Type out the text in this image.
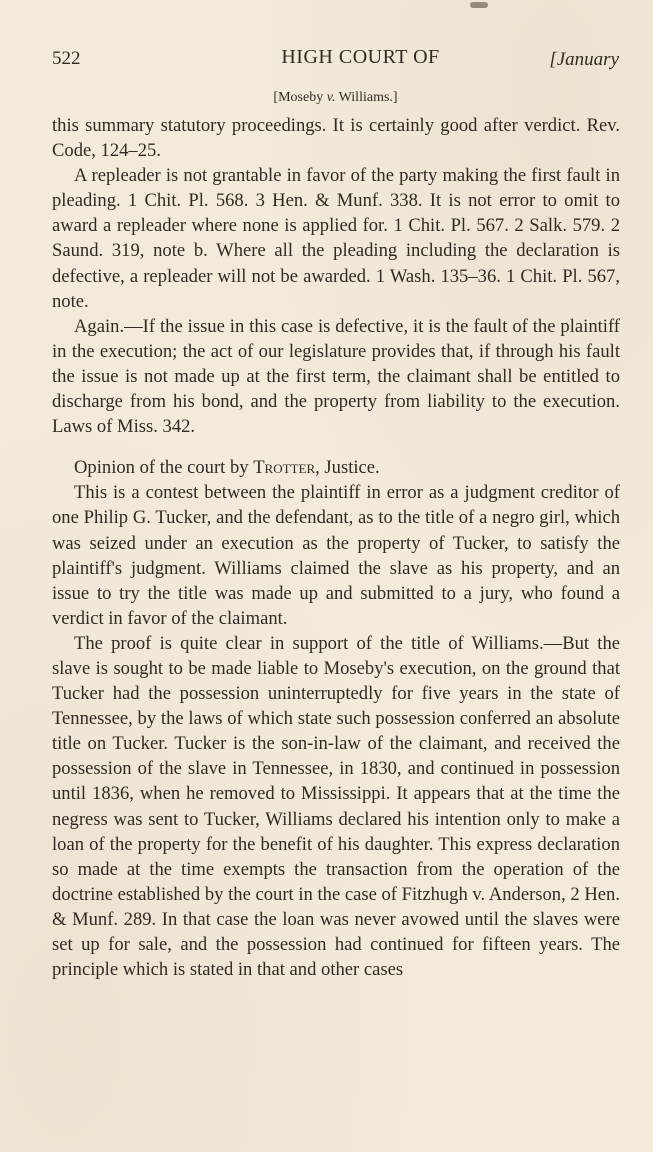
522	HIGH COURT OF	[January
[Moseby v. Williams.]

this summary statutory proceedings. It is certainly good after verdict. Rev. Code, 124–25.

A repleader is not grantable in favor of the party making the first fault in pleading. 1 Chit. Pl. 568. 3 Hen. & Munf. 338. It is not error to omit to award a repleader where none is applied for. 1 Chit. Pl. 567. 2 Salk. 579. 2 Saund. 319, note b. Where all the pleading including the declaration is defective, a repleader will not be awarded. 1 Wash. 135–36. 1 Chit. Pl. 567, note.

Again.—If the issue in this case is defective, it is the fault of the plaintiff in the execution; the act of our legislature provides that, if through his fault the issue is not made up at the first term, the claimant shall be entitled to discharge from his bond, and the property from liability to the execution. Laws of Miss. 342.

Opinion of the court by Trotter, Justice.

This is a contest between the plaintiff in error as a judgment creditor of one Philip G. Tucker, and the defendant, as to the title of a negro girl, which was seized under an execution as the property of Tucker, to satisfy the plaintiff's judgment. Williams claimed the slave as his property, and an issue to try the title was made up and submitted to a jury, who found a verdict in favor of the claimant.

The proof is quite clear in support of the title of Williams.—But the slave is sought to be made liable to Moseby's execution, on the ground that Tucker had the possession uninterruptedly for five years in the state of Tennessee, by the laws of which state such possession conferred an absolute title on Tucker. Tucker is the son-in-law of the claimant, and received the possession of the slave in Tennessee, in 1830, and continued in possession until 1836, when he removed to Mississippi. It appears that at the time the negress was sent to Tucker, Williams declared his intention only to make a loan of the property for the benefit of his daughter. This express declaration so made at the time exempts the transaction from the operation of the doctrine established by the court in the case of Fitzhugh v. Anderson, 2 Hen. & Munf. 289. In that case the loan was never avowed until the slaves were set up for sale, and the possession had continued for fifteen years. The principle which is stated in that and other cases
